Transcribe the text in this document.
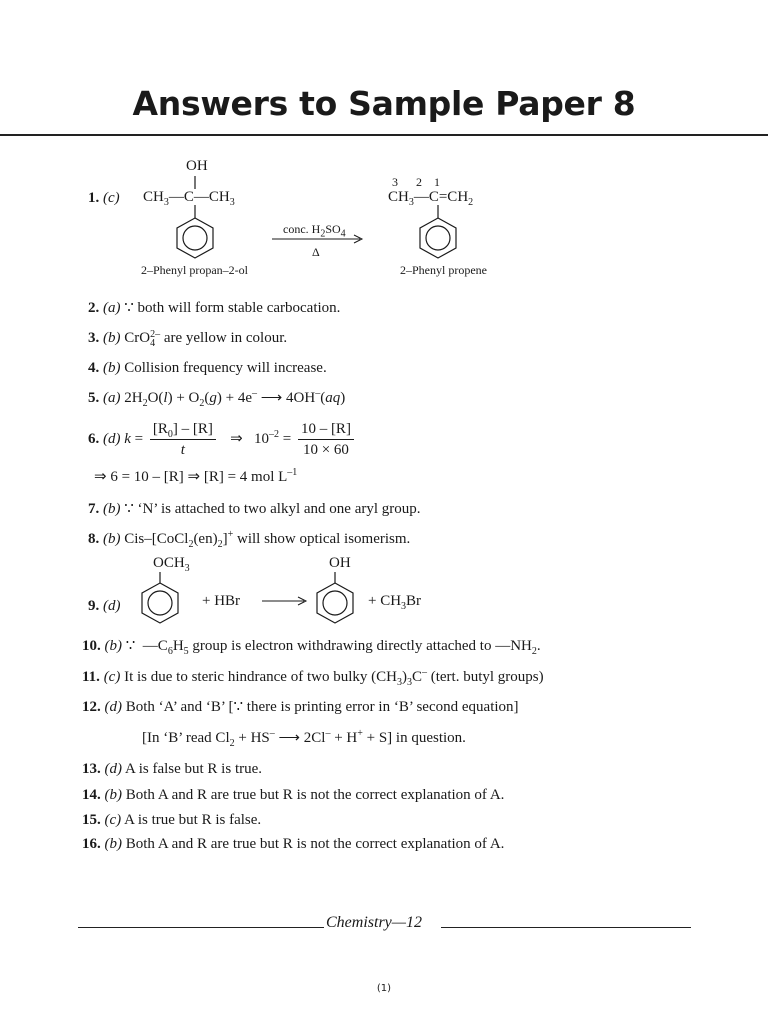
Answers to Sample Paper 8
1. (c)
OH
$CH_3—C—CH_3$
conc. $H_2SO_4$
Δ
2–Phenyl propan–2-ol
3      2    1
$CH_3—C=CH_2$
2–Phenyl propene
2. (a) ∵ both will form stable carbocation.
3. (b) CrO 2–
4 are yellow in colour.
4. (b) Collision frequency will increase.
5. (a) $2H_2O(l) + O_2(g) + 4e^-$ ⟶ 4OH–(aq)
6. (d) $k = \frac{[R_0] - [R]}{t}$ ⇒   $10^{-2} = \frac{10 - [R]}{10 \times 60}$
⇒ 6 = 10 – [R] ⇒ [R] = 4 mol $L^{-1}$
7. (b) ∵ ‘N’ is attached to two alkyl and one aryl group.
8. (b) Cis–$[CoCl_2(en)_2]^+$ will show optical isomerism.
9. (d)
$OCH_3$
+ HBr
OH
+ $CH_3Br$
10. (b) ∵  $—C_6H_5$ group is electron withdrawing directly attached to $—NH_2$.
11. (c) It is due to steric hindrance of two bulky $(CH_3)_3C^-$ (tert. butyl groups)
12. (d) Both ‘A’ and ‘B’ [∵ there is printing error in ‘B’ second equation]
[In ‘B’ read $Cl_2 + HS^-$ ⟶ 2Cl– + H+ + S] in question.
13. (d) A is false but R is true.
14. (b) Both A and R are true but R is not the correct explanation of A.
15. (c) A is true but R is false.
16. (b) Both A and R are true but R is not the correct explanation of A.
Chemistry—12
(1)
